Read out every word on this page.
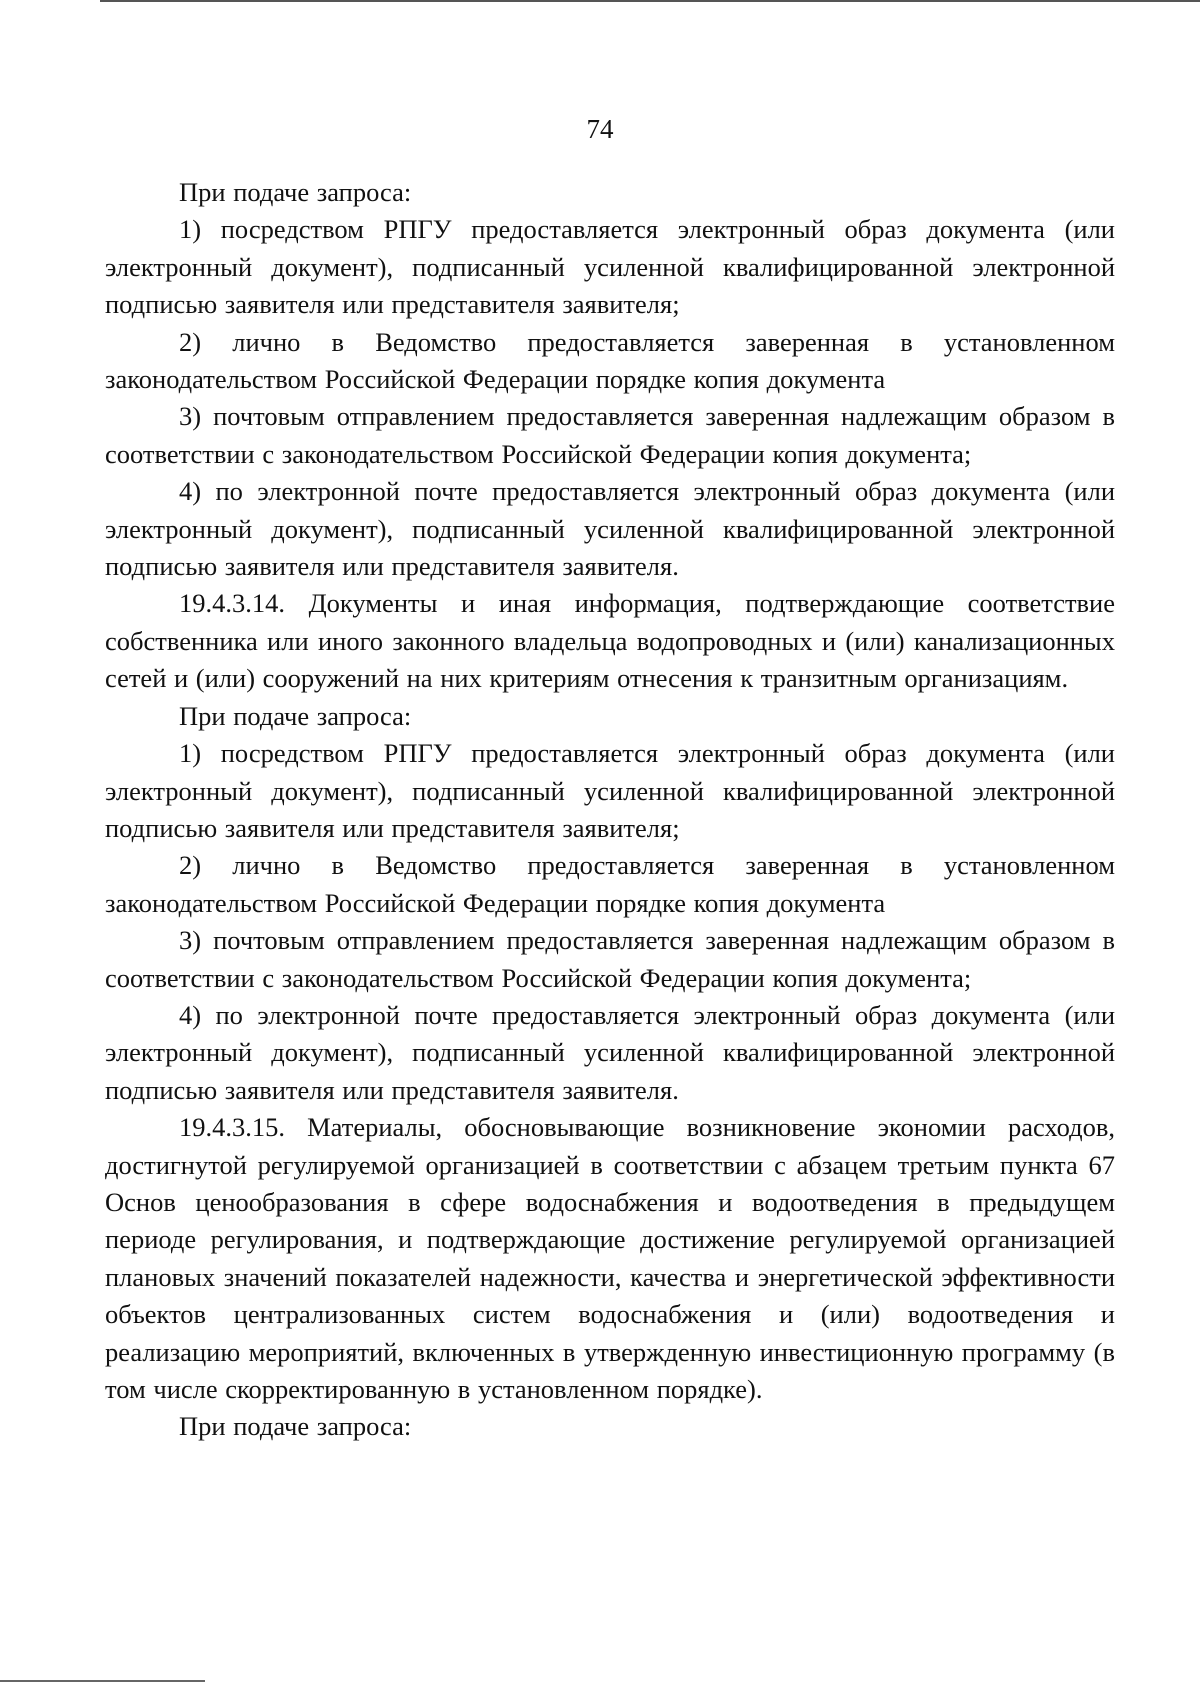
74

При подаче запроса:

1) посредством РПГУ предоставляется электронный образ документа (или электронный документ), подписанный усиленной квалифицированной электронной подписью заявителя или представителя заявителя;

2) лично в Ведомство предоставляется заверенная в установленном законодательством Российской Федерации порядке копия документа

3) почтовым отправлением предоставляется заверенная надлежащим образом в соответствии с законодательством Российской Федерации копия документа;

4) по электронной почте предоставляется электронный образ документа (или электронный документ), подписанный усиленной квалифицированной электронной подписью заявителя или представителя заявителя.

19.4.3.14. Документы и иная информация, подтверждающие соответствие собственника или иного законного владельца водопроводных и (или) канализационных сетей и (или) сооружений на них критериям отнесения к транзитным организациям.

При подаче запроса:

1) посредством РПГУ предоставляется электронный образ документа (или электронный документ), подписанный усиленной квалифицированной электронной подписью заявителя или представителя заявителя;

2) лично в Ведомство предоставляется заверенная в установленном законодательством Российской Федерации порядке копия документа

3) почтовым отправлением предоставляется заверенная надлежащим образом в соответствии с законодательством Российской Федерации копия документа;

4) по электронной почте предоставляется электронный образ документа (или электронный документ), подписанный усиленной квалифицированной электронной подписью заявителя или представителя заявителя.

19.4.3.15. Материалы, обосновывающие возникновение экономии расходов, достигнутой регулируемой организацией в соответствии с абзацем третьим пункта 67 Основ ценообразования в сфере водоснабжения и водоотведения в предыдущем периоде регулирования, и подтверждающие достижение регулируемой организацией плановых значений показателей надежности, качества и энергетической эффективности объектов централизованных систем водоснабжения и (или) водоотведения и реализацию мероприятий, включенных в утвержденную инвестиционную программу (в том числе скорректированную в установленном порядке).

При подаче запроса:
